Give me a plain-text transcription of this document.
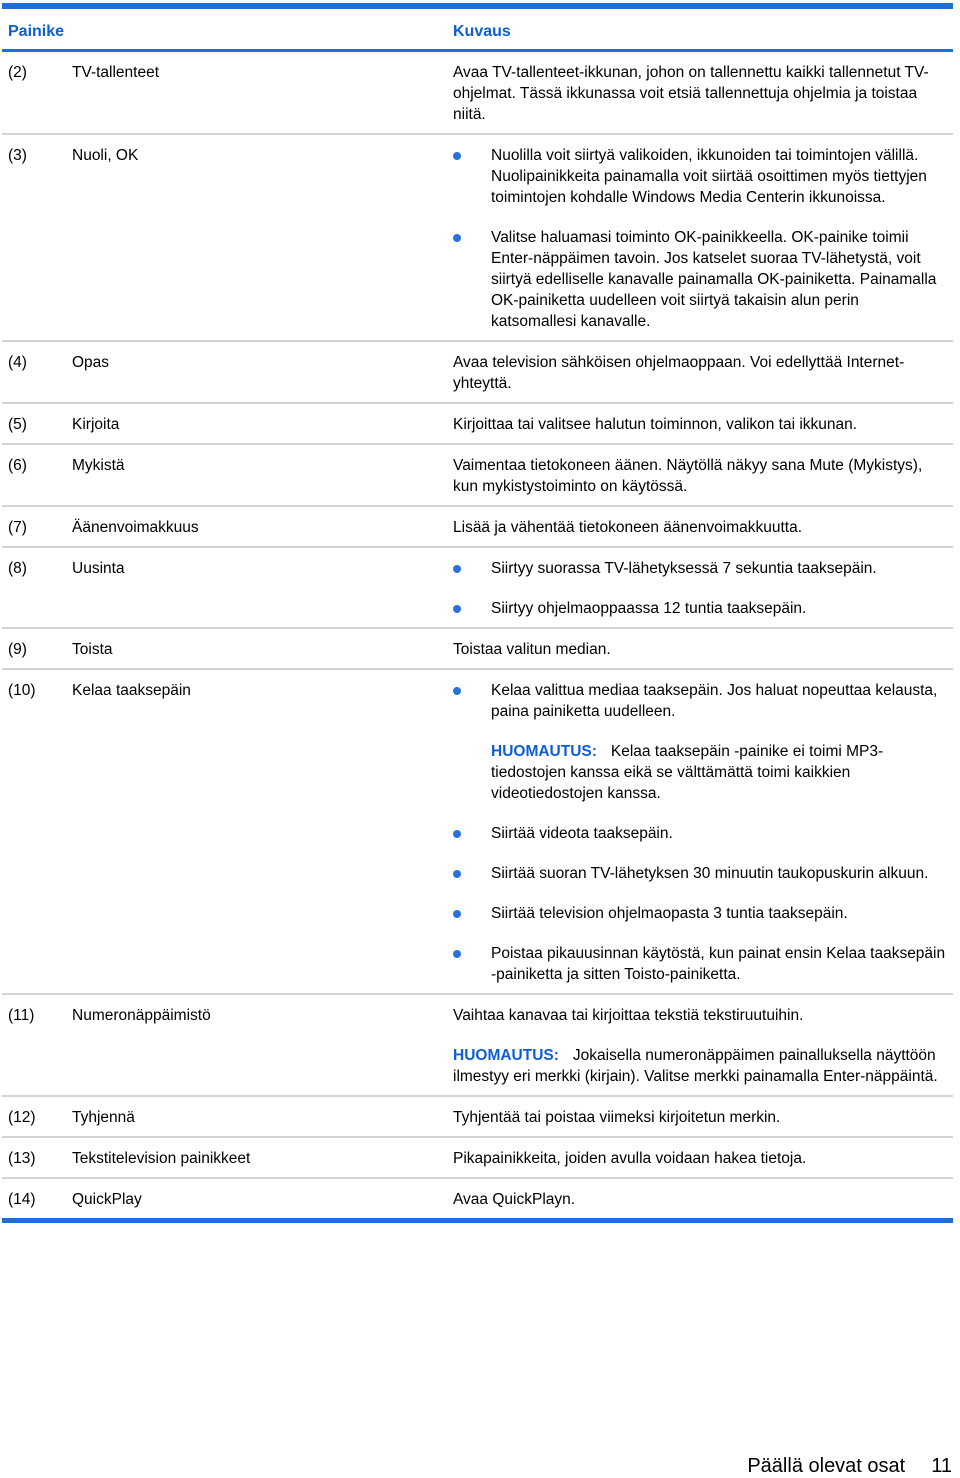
Painike	Kuvaus
(2)	TV-tallenteet	Avaa TV-tallenteet-ikkunan, johon on tallennettu kaikki tallennetut TV-ohjelmat. Tässä ikkunassa voit etsiä tallennettuja ohjelmia ja toistaa niitä.
(3)	Nuoli, OK	Nuolilla voit siirtyä valikoiden, ikkunoiden tai toimintojen välillä. Nuolipainikkeita painamalla voit siirtää osoittimen myös tiettyjen toimintojen kohdalle Windows Media Centerin ikkunoissa.
Valitse haluamasi toiminto OK-painikkeella. OK-painike toimii Enter-näppäimen tavoin. Jos katselet suoraa TV-lähetystä, voit siirtyä edelliselle kanavalle painamalla OK-painiketta. Painamalla OK-painiketta uudelleen voit siirtyä takaisin alun perin katsomallesi kanavalle.
(4)	Opas	Avaa television sähköisen ohjelmaoppaan. Voi edellyttää Internet-yhteyttä.
(5)	Kirjoita	Kirjoittaa tai valitsee halutun toiminnon, valikon tai ikkunan.
(6)	Mykistä	Vaimentaa tietokoneen äänen. Näytöllä näkyy sana Mute (Mykistys), kun mykistystoiminto on käytössä.
(7)	Äänenvoimakkuus	Lisää ja vähentää tietokoneen äänenvoimakkuutta.
(8)	Uusinta	Siirtyy suorassa TV-lähetyksessä 7 sekuntia taaksepäin.
Siirtyy ohjelmaoppaassa 12 tuntia taaksepäin.
(9)	Toista	Toistaa valitun median.
(10)	Kelaa taaksepäin	Kelaa valittua mediaa taaksepäin. Jos haluat nopeuttaa kelausta, paina painiketta uudelleen.
HUOMAUTUS: Kelaa taaksepäin -painike ei toimi MP3-tiedostojen kanssa eikä se välttämättä toimi kaikkien videotiedostojen kanssa.
Siirtää videota taaksepäin.
Siirtää suoran TV-lähetyksen 30 minuutin taukopuskurin alkuun.
Siirtää television ohjelmaopasta 3 tuntia taaksepäin.
Poistaa pikauusinnan käytöstä, kun painat ensin Kelaa taaksepäin -painiketta ja sitten Toisto-painiketta.
(11)	Numeronäppäimistö	Vaihtaa kanavaa tai kirjoittaa tekstiä tekstiruutuihin.
HUOMAUTUS: Jokaisella numeronäppäimen painalluksella näyttöön ilmestyy eri merkki (kirjain). Valitse merkki painamalla Enter-näppäintä.
(12)	Tyhjennä	Tyhjentää tai poistaa viimeksi kirjoitetun merkin.
(13)	Tekstitelevision painikkeet	Pikapainikkeita, joiden avulla voidaan hakea tietoja.
(14)	QuickPlay	Avaa QuickPlayn.
Päällä olevat osat 11
